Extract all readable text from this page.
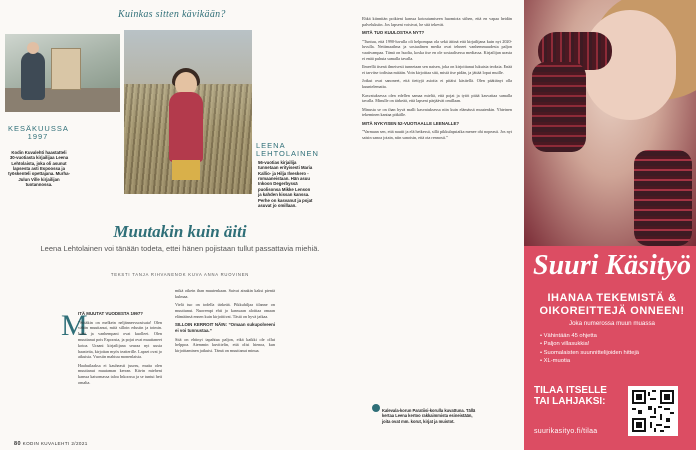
Kuinkas sitten kävikään?
KESÄKUUSSA 1997
Kodin Kuvalehti haastatteli 30-vuotiasta kirjailijaa Leena Lehtolaista, joka oli asunut lapsesta asti Espoossa ja työskenteli opettajana. Murha-Julun Ville kirjailijan tuotannossa.
LEENA LEHTOLAINEN
56-vuotias kirjailija tunnetaan erityisesti Maria Kallio- ja Hilja Ilveskero -romaaneistaan. Hän asuu Inkoon Degerbyssä puolisonsa Mikke Lenson ja kahden kissan kanssa. Perhe on kasvanut ja pojat asuvat jo omillaan.
Muutakin kuin äiti
Leena Lehtolainen voi tänään todeta, ettei hänen pojistaan tullut passattavia miehiä.
TEKSTI TANJA RIHVANENOK KUVA ANNA RUOVINEN
M

ITÄ MUUTAT VUODESTA 1997?

”Siitäkin on melkein neljännesvuosisata! Olen vähän muuttanut, mitä silloin edustin ja toimin. Isäni ja vanhempani ovat kuolleet. Olen muuttanut pois Espoosta, ja pojat ovat muuttaneet kotoa. Uraani kirjailijana seuraa nyt uusia haasteita, kirjoitan myös teatterille. Lapset ovat jo aikuisia. Vuosiin mahtuu monenlaista.

Haahuilaaksa ei kauheasti juurru, mutta olen muuttanut muutaman kerran. Kävin mieheni kanssa katsomassa taloa Inkoossa ja se tuntui heti omalta.

mikä oikein ihan muutenkaan. Saivat ainakin kaksi pientä kulmaa.

Vielä tuo on todella tärkeää. Pikkuhiljaa tilanne on muuttunut. Nuorempi ehti jo kanssaan aloittaa omaan elämäänsä ennen kuin kirjoittivat. Tästä on hyvä jatkaa.

SILLOIN KERROIT NÄIN: ”Omaan sukupolveeni ei voi tunnustaa.”

Sitä on ehtinyt tapahtua paljon, eikä kaikki ole ollut helppoa. Aiemmin kuvittelin, että olisi hienoa, kun kirjoittaminen jatkuisi. Tämä on muuttanut minua.

80 KODIN KUVALEHTI 2/2021

Ehkä kiinnitän poikieni kanssa kotoutumiseen huomiota siihen, että en vapaa heidän palveluksiin. Jos lapseni voisivat, he sitä tekevät.

MITÄ TUO KUULOSTAA NYT?

”Tuntuu, että 1990-luvulla oli helpompaa ola sekä äitinä että kirjailijana kuin nyt 2020-luvulla. Nettimaailma ja sosiaalinen media ovat tehneet vanhemmuudesta paljon vaativampaa. Tämä on huolta, koska itse en ole sosiaalisessa mediassa. Kirjailijan urasta ei enää puhuta samalla tavalla.

Ilmeellä itsenä ilmeisesti tunnetaan sen naisen, joka on kirjoittanut lukuisia teoksia. Enää ei tarvitse todistaa mitään. Voin kirjoittaa sitä, mistä itse pidän, ja jättää loput muille.

Jotkut ovat sanoneet, että tiettyjä asioita ei pitäisi käsitellä. Olen päättänyt olla kuuntelematta.

Kasvatuksessa olen edellen samaa mieltä, että pojat ja tytöt pitää kasvattaa samalla tavalla. Minulle on tärkeää, että lapseni pärjäävät omillaan.

Minusta se on ihan hyvä malli kasvatuksessa niin kuin elämässä muutenkin. Yhteinen tekeminen kantaa pitkälle.

MITÄ NYKYISEN 52-VUOTIAALLE LEENALLE?

”Varmaan sen, että nautit ja elä hetkessä, sillä pikkulapsiaika menee ohi nopeasti. Jos nyt saisin sanoa jotain, niin sanoisin, että ota rennosti.”

Kalevala-korun Paratiisi-korulla kuvattuna. Tällä kertaa Leena kertoo rakkaimmista esineistään, joita ovat mm. korut, kirjat ja muistot.
Suuri Käsityö
IHANAA TEKEMISTÄ & OIKOREITTEJÄ ONNEEN!
Joka numerossa muun muassa
• Vähintään 45 ohjetta
• Paljon villasukkia!
• Suomalaisten suunnittelijoiden hittejä
• XL-muotia
TILAA ITSELLE TAI LAHJAKSI:
suurikasityo.fi/tilaa
